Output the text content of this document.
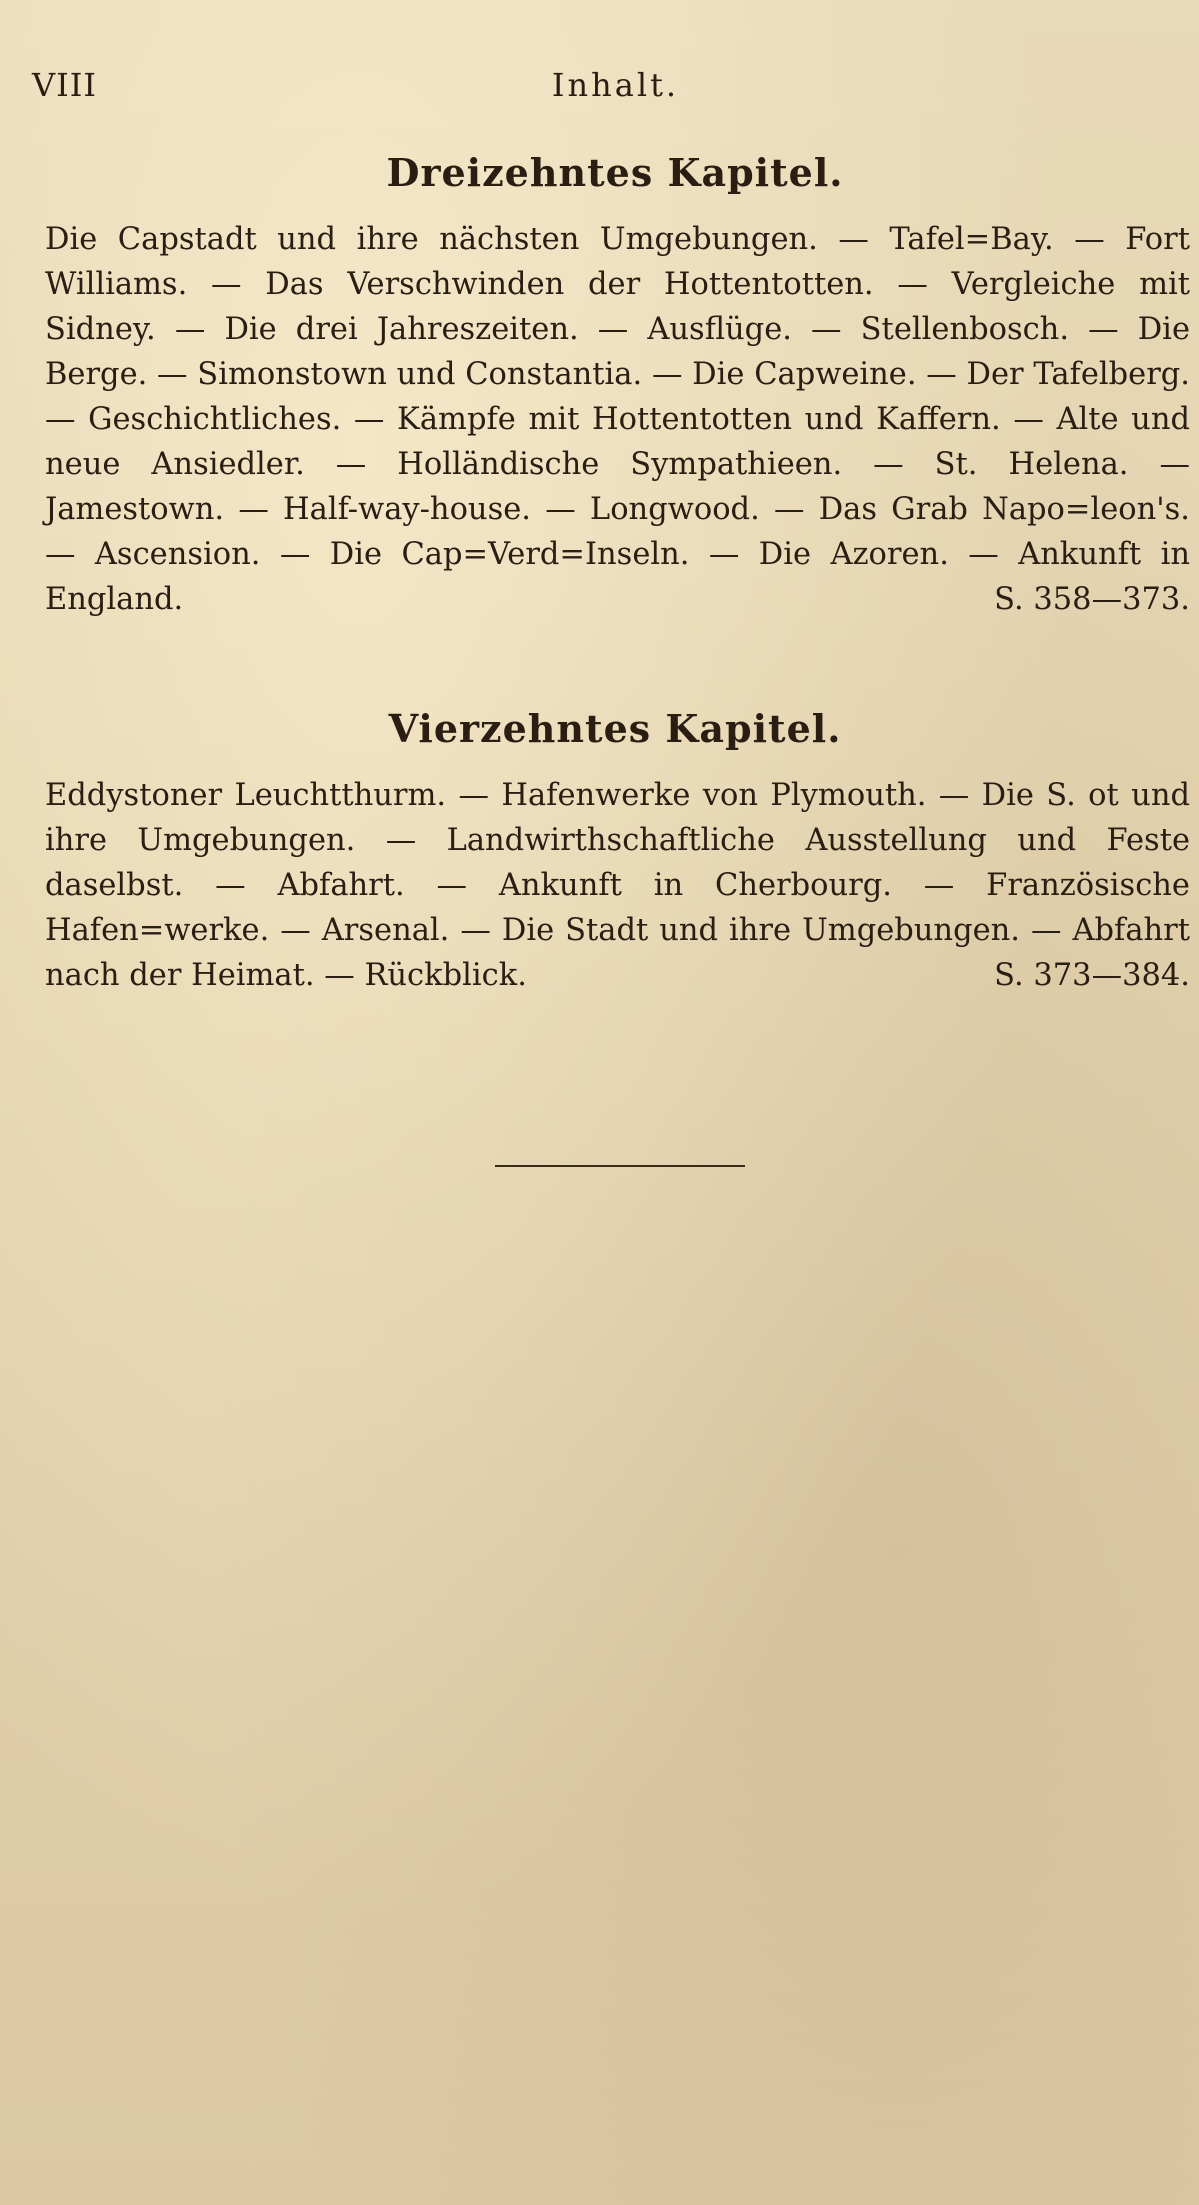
VIII	Inhalt.
Dreizehntes Kapitel.

Die Capstadt und ihre nächsten Umgebungen. — Tafel=Bay. — Fort Williams. — Das Verschwinden der Hottentotten. — Vergleiche mit Sidney. — Die drei Jahreszeiten. — Ausflüge. — Stellenbosch. — Die Berge. — Simonstown und Constantia. — Die Capweine. — Der Tafelberg. — Geschichtliches. — Kämpfe mit Hottentotten und Kaffern. — Alte und neue Ansiedler. — Holländische Sympathieen. — St. Helena. — Jamestown. — Half-way-house. — Longwood. — Das Grab Napo=leon's. — Ascension. — Die Cap=Verd=Inseln. — Die Azoren. — Ankunft in England.	S. 358—373.

Vierzehntes Kapitel.

Eddystoner Leuchtthurm. — Hafenwerke von Plymouth. — Die S. ot und ihre Umgebungen. — Landwirthschaftliche Ausstellung und Feste daselbst. — Abfahrt. — Ankunft in Cherbourg. — Französische Hafen=werke. — Arsenal. — Die Stadt und ihre Umgebungen. — Abfahrt nach der Heimat. — Rückblick.	S. 373—384.
